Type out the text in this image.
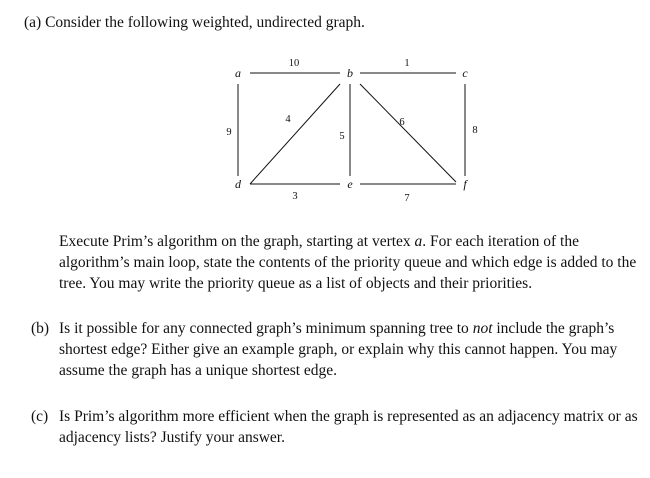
(a) Consider the following weighted, undirected graph.
a	b	c
d	e	f
10	1
9
4
5
6
8
3	7
Execute Prim’s algorithm on the graph, starting at vertex a. For each iteration of the algorithm’s main loop, state the contents of the priority queue and which edge is added to the tree. You may write the priority queue as a list of objects and their priorities.
(b) Is it possible for any connected graph’s minimum spanning tree to not include the graph’s shortest edge? Either give an example graph, or explain why this cannot happen. You may assume the graph has a unique shortest edge.
(c) Is Prim’s algorithm more efficient when the graph is represented as an adjacency matrix or as adjacency lists? Justify your answer.
